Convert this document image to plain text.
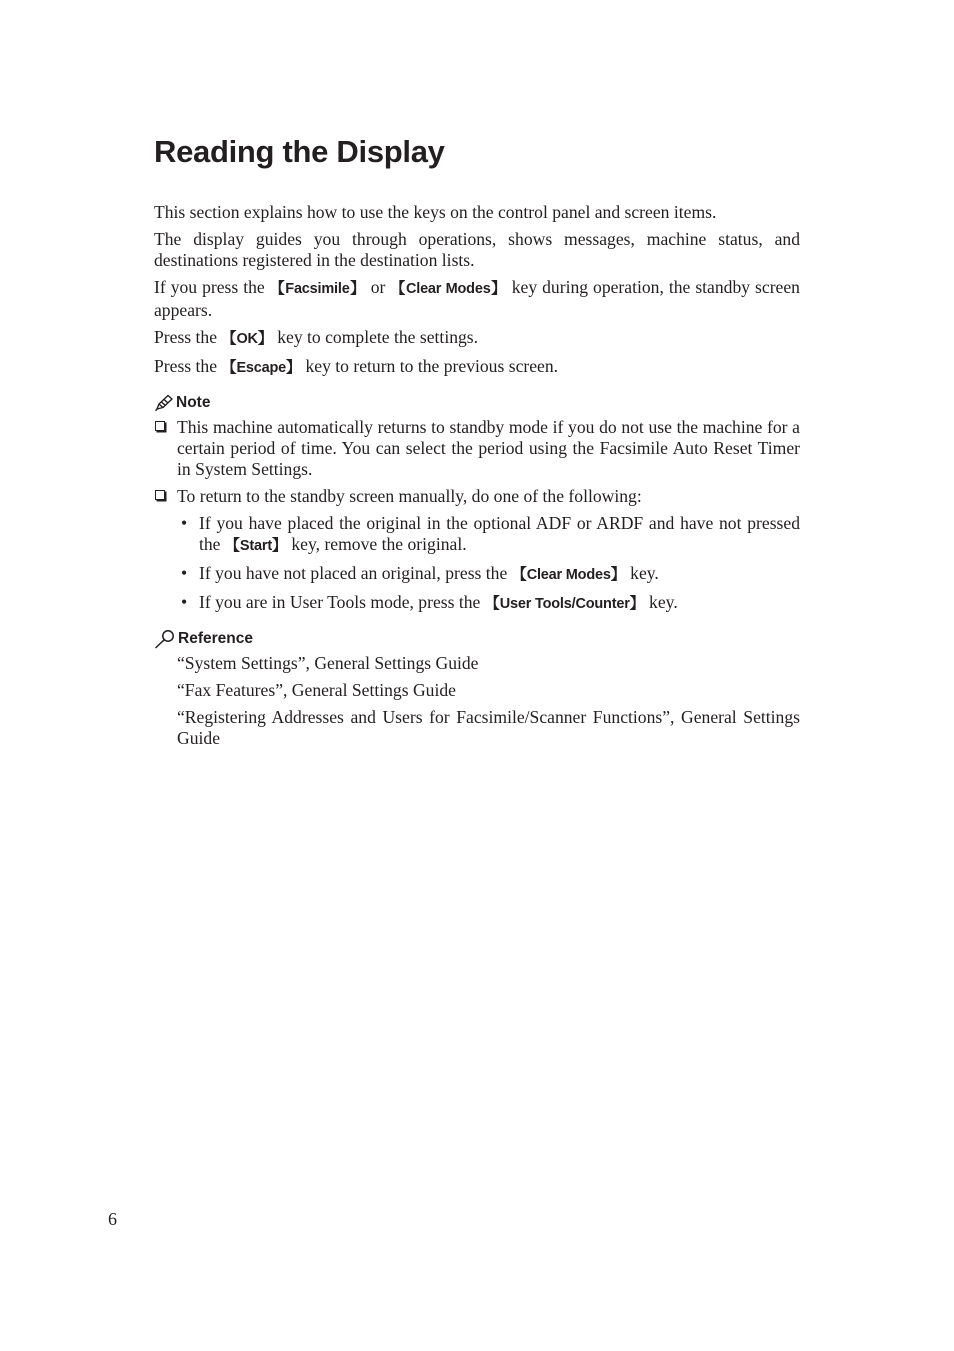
Reading the Display

This section explains how to use the keys on the control panel and screen items.

The display guides you through operations, shows messages, machine status, and destinations registered in the destination lists.

If you press the 【Facsimile】 or 【Clear Modes】 key during operation, the standby screen appears.

Press the 【OK】 key to complete the settings.

Press the 【Escape】 key to return to the previous screen.

Note
This machine automatically returns to standby mode if you do not use the machine for a certain period of time. You can select the period using the Facsimile Auto Reset Timer in System Settings.
To return to the standby screen manually, do one of the following:
• If you have placed the original in the optional ADF or ARDF and have not pressed the 【Start】 key, remove the original.
• If you have not placed an original, press the 【Clear Modes】 key.
• If you are in User Tools mode, press the 【User Tools/Counter】 key.
Reference

“System Settings”, General Settings Guide

“Fax Features”, General Settings Guide

“Registering Addresses and Users for Facsimile/Scanner Functions”, General Settings Guide

6
